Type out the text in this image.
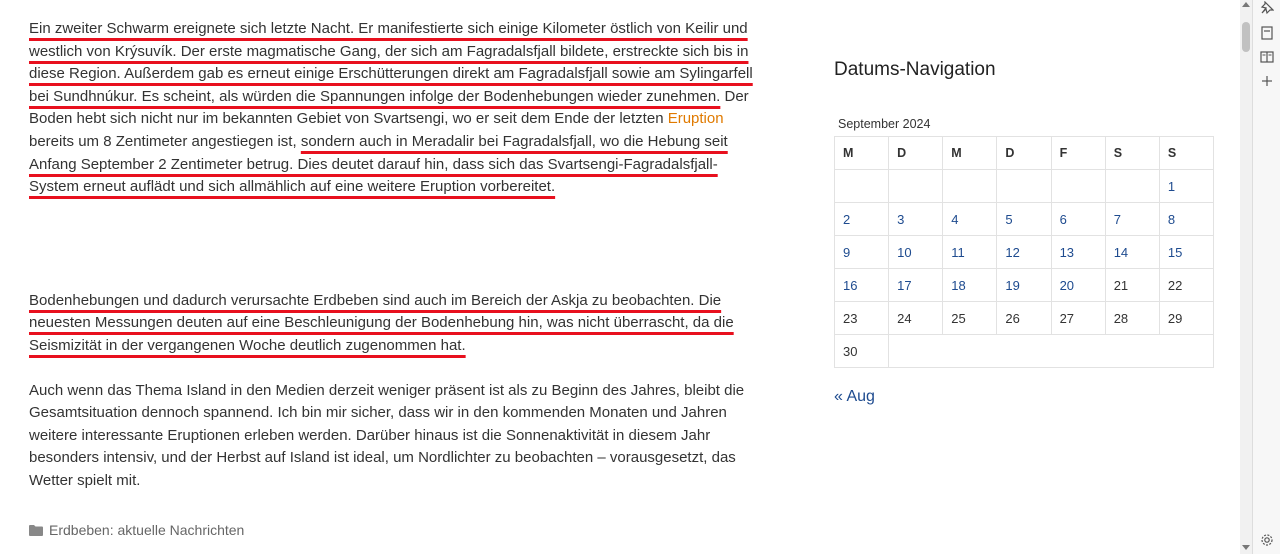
Ein zweiter Schwarm ereignete sich letzte Nacht. Er manifestierte sich einige Kilometer östlich von Keilir und westlich von Krýsuvík. Der erste magmatische Gang, der sich am Fagradalsfjall bildete, erstreckte sich bis in diese Region. Außerdem gab es erneut einige Erschütterungen direkt am Fagradalsfjall sowie am Sylingarfell bei Sundhnúkur. Es scheint, als würden die Spannungen infolge der Bodenhebungen wieder zunehmen. Der Boden hebt sich nicht nur im bekannten Gebiet von Svartsengi, wo er seit dem Ende der letzten Eruption bereits um 8 Zentimeter angestiegen ist, sondern auch in Meradalir bei Fagradalsfjall, wo die Hebung seit Anfang September 2 Zentimeter betrug. Dies deutet darauf hin, dass sich das Svartsengi-Fagradalsfjall-System erneut auflädt und sich allmählich auf eine weitere Eruption vorbereitet.

Bodenhebungen und dadurch verursachte Erdbeben sind auch im Bereich der Askja zu beobachten. Die neuesten Messungen deuten auf eine Beschleunigung der Bodenhebung hin, was nicht überrascht, da die Seismizität in der vergangenen Woche deutlich zugenommen hat.

Auch wenn das Thema Island in den Medien derzeit weniger präsent ist als zu Beginn des Jahres, bleibt die Gesamtsituation dennoch spannend. Ich bin mir sicher, dass wir in den kommenden Monaten und Jahren weitere interessante Eruptionen erleben werden. Darüber hinaus ist die Sonnenaktivität in diesem Jahr besonders intensiv, und der Herbst auf Island ist ideal, um Nordlichter zu beobachten – vorausgesetzt, das Wetter spielt mit.

Erdbeben: aktuelle Nachrichten
Datums-Navigation
September 2024
M	D	M	D	F	S	S
						1
2	3	4	5	6	7	8
9	10	11	12	13	14	15
16	17	18	19	20	21	22
23	24	25	26	27	28	29
30						
« Aug
